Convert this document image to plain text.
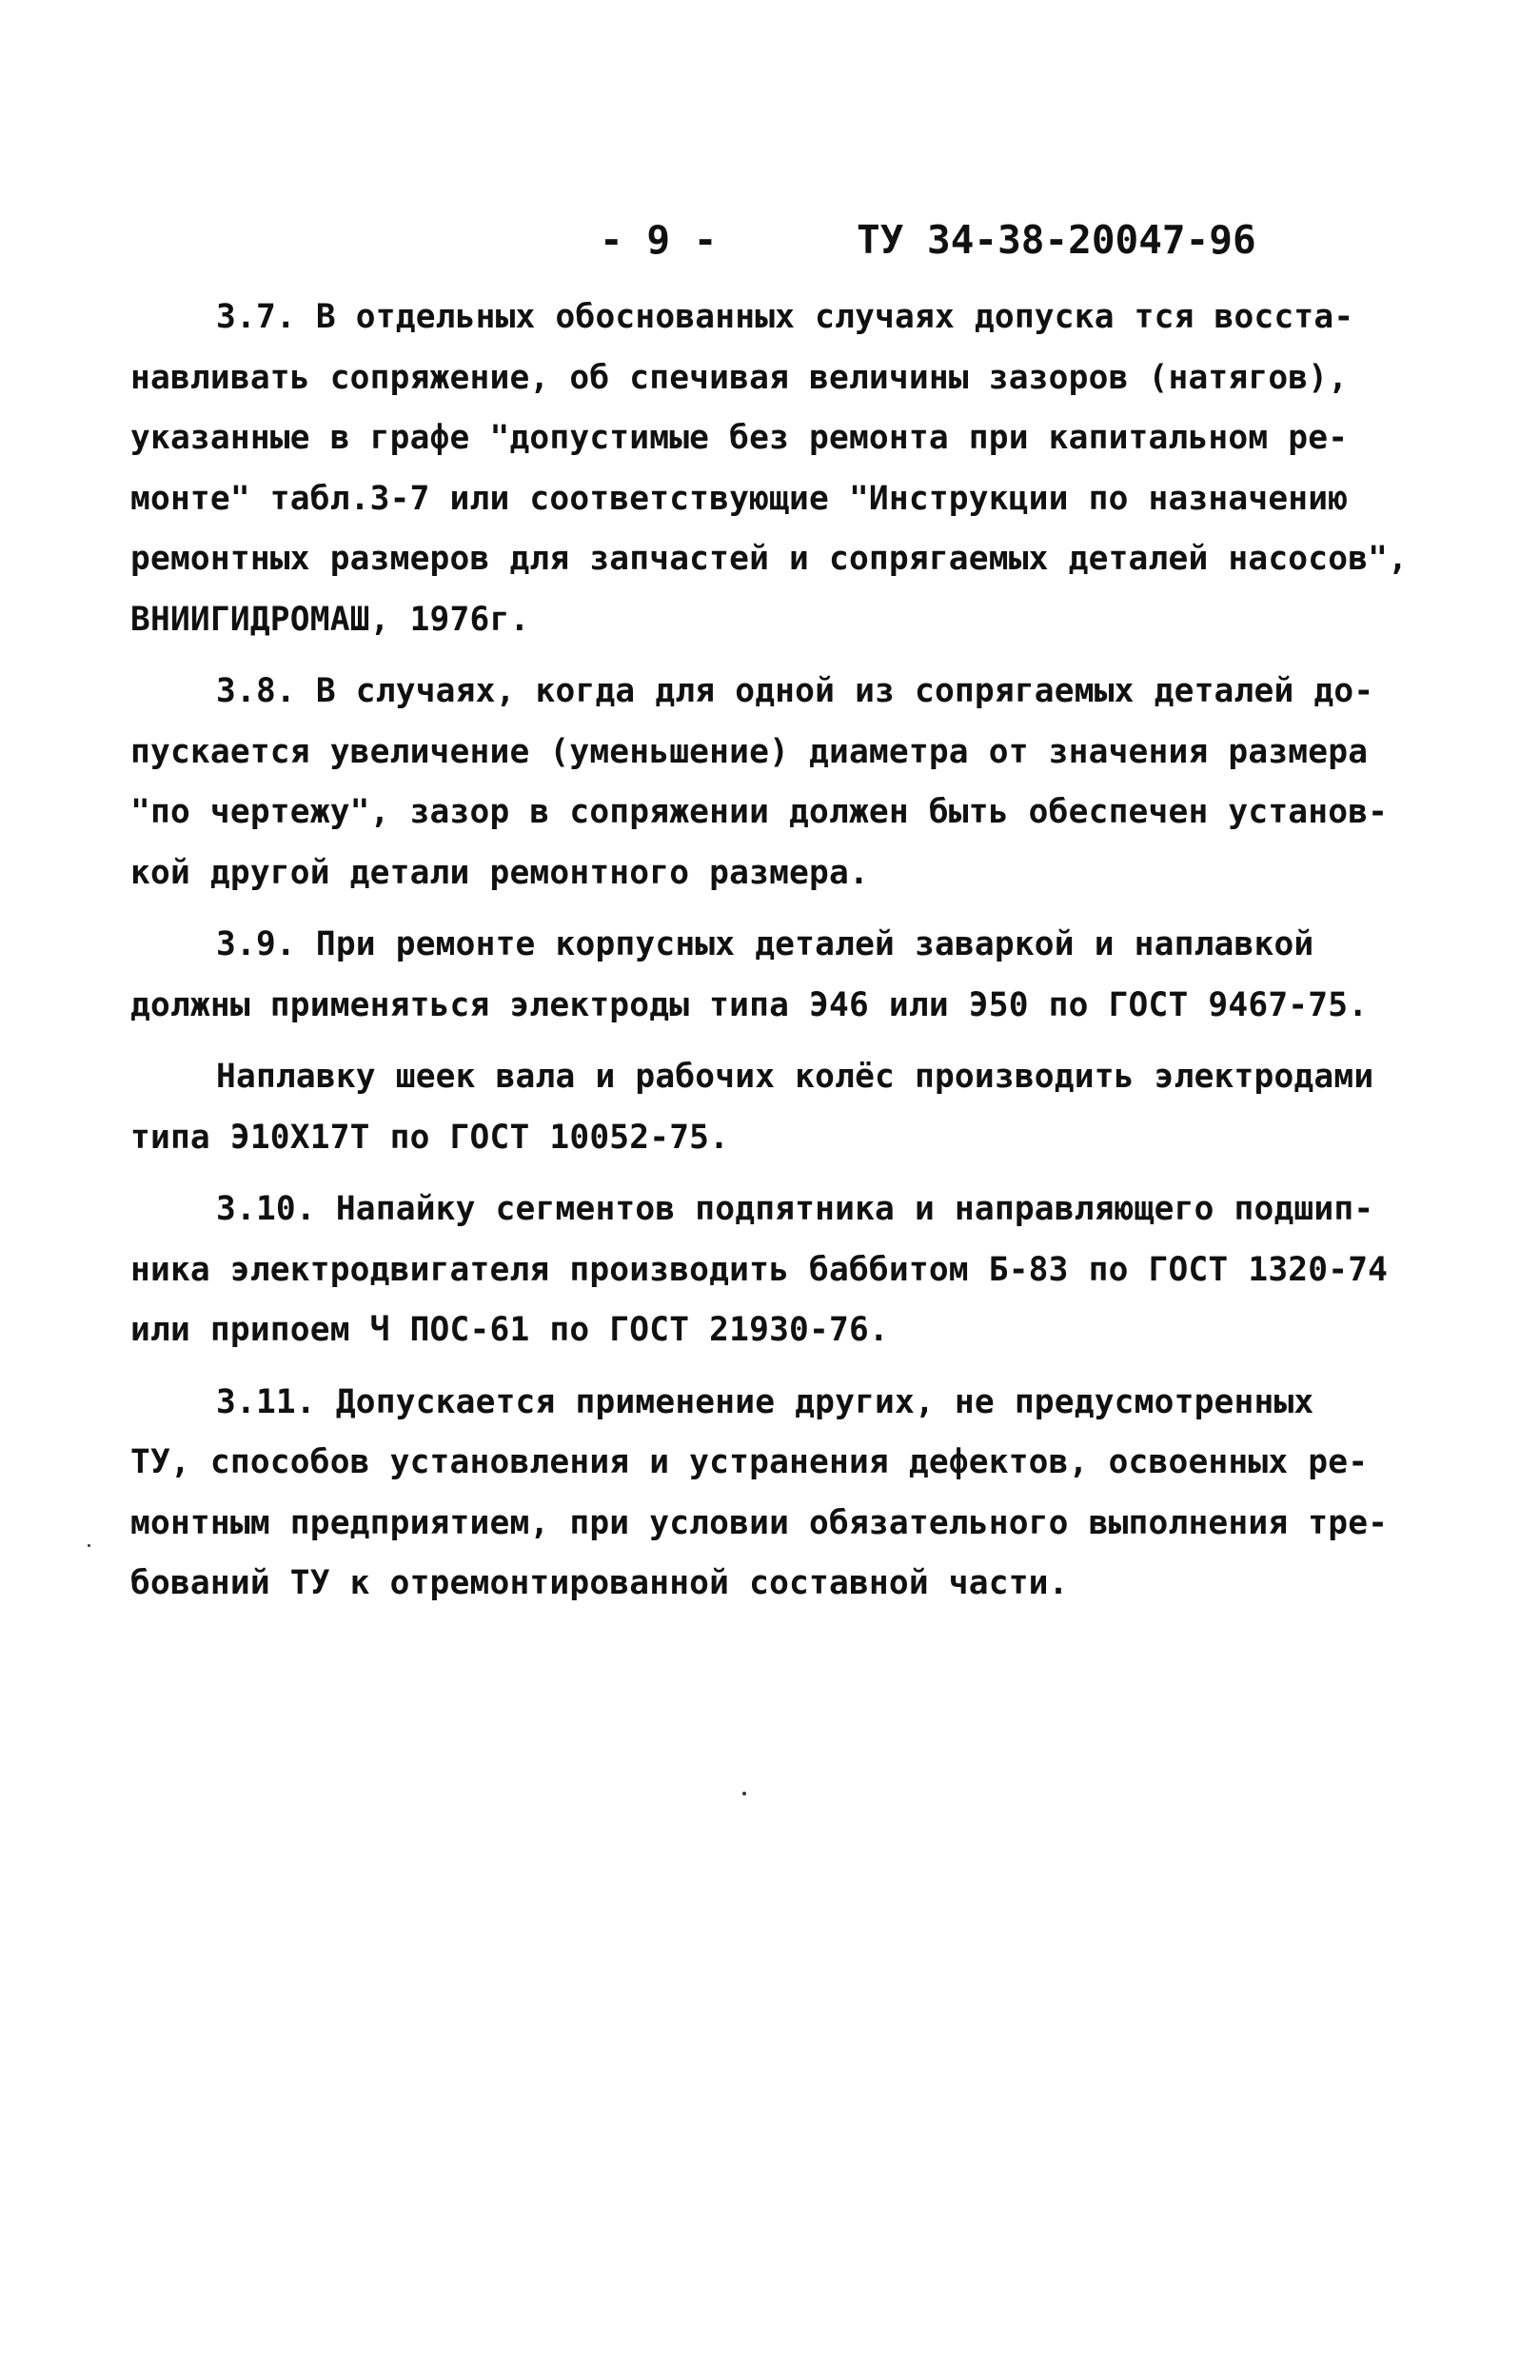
- 9 -	ТУ 34-38-20047-96
3.7. В отдельных обоснованных случаях допуска тся восста-
навливать сопряжение, об спечивая величины зазоров (натягов),
указанные в графе "допустимые без ремонта при капитальном ре-
монте" табл.3-7 или соответствующие "Инструкции по назначению
ремонтных размеров для запчастей и сопрягаемых деталей насосов",
ВНИИГИДРОМАШ, 1976г.
3.8. В случаях, когда для одной из сопрягаемых деталей до-
пускается увеличение (уменьшение) диаметра от значения размера
"по чертежу", зазор в сопряжении должен быть обеспечен установ-
кой другой детали ремонтного размера.
3.9. При ремонте корпусных деталей заваркой и наплавкой
должны применяться электроды типа Э46 или Э50 по ГОСТ 9467-75.
Наплавку шеек вала и рабочих колёс производить электродами
типа Э10Х17Т по ГОСТ 10052-75.
3.10. Напайку сегментов подпятника и направляющего подшип-
ника электродвигателя производить баббитом Б-83 по ГОСТ 1320-74
или припоем Ч ПОС-61 по ГОСТ 21930-76.
3.11. Допускается применение других, не предусмотренных
ТУ, способов установления и устранения дефектов, освоенных ре-
монтным предприятием, при условии обязательного выполнения тре-
бований ТУ к отремонтированной составной части.
